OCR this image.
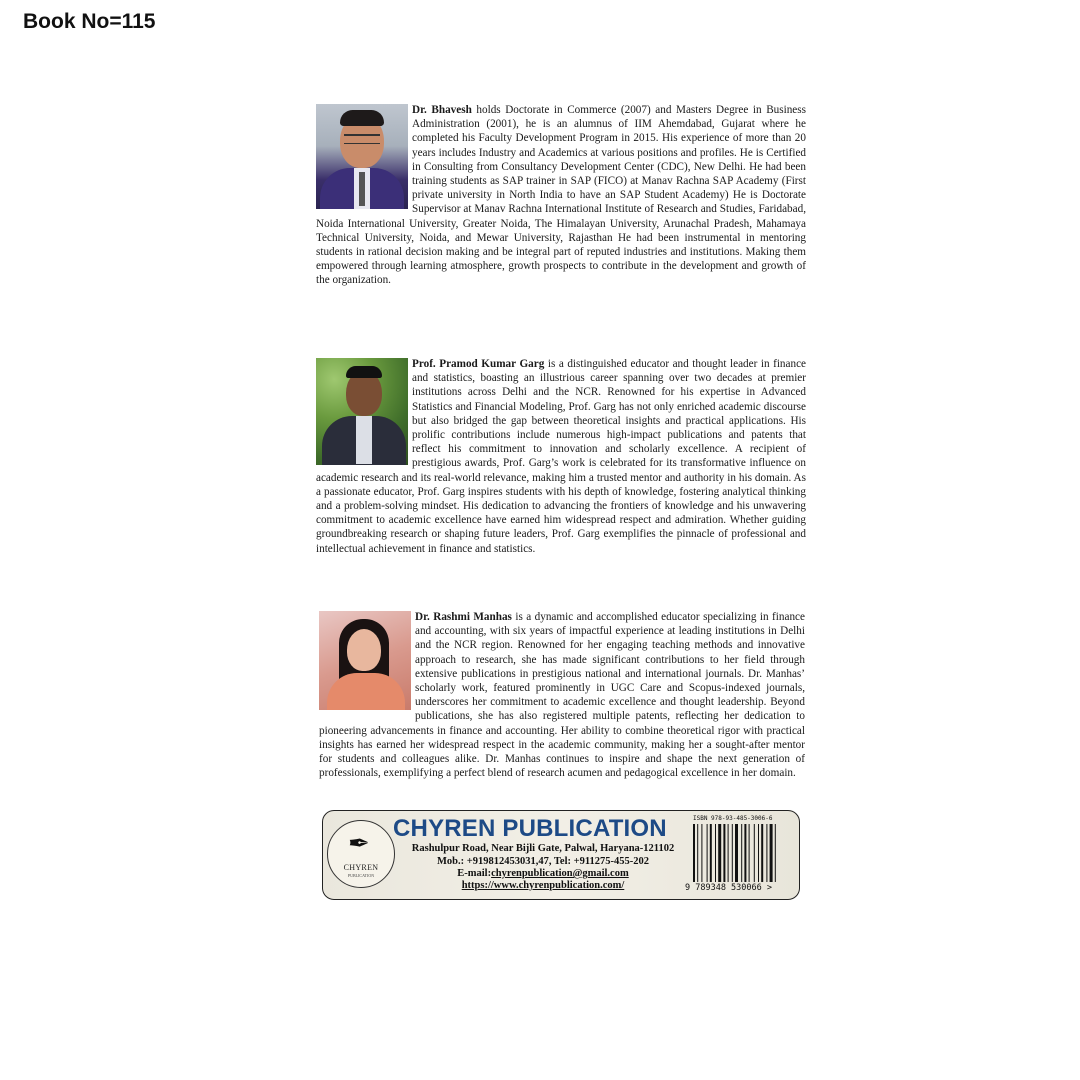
Book No=115
Dr. Bhavesh holds Doctorate in Commerce (2007) and Masters Degree in Business Administration (2001), he is an alumnus of IIM Ahemdabad, Gujarat where he completed his Faculty Development Program in 2015. His experience of more than 20 years includes Industry and Academics at various positions and profiles. He is Certified in Consulting from Consultancy Development Center (CDC), New Delhi. He had been training students as SAP trainer in SAP (FICO) at Manav Rachna SAP Academy (First private university in North India to have an SAP Student Academy) He is Doctorate Supervisor at Manav Rachna International Institute of Research and Studies, Faridabad, Noida International University, Greater Noida, The Himalayan University, Arunachal Pradesh, Mahamaya Technical University, Noida, and Mewar University, Rajasthan He had been instrumental in mentoring students in rational decision making and be integral part of reputed industries and institutions. Making them empowered through learning atmosphere, growth prospects to contribute in the development and growth of the organization.
Prof. Pramod Kumar Garg is a distinguished educator and thought leader in finance and statistics, boasting an illustrious career spanning over two decades at premier institutions across Delhi and the NCR. Renowned for his expertise in Advanced Statistics and Financial Modeling, Prof. Garg has not only enriched academic discourse but also bridged the gap between theoretical insights and practical applications. His prolific contributions include numerous high-impact publications and patents that reflect his commitment to innovation and scholarly excellence. A recipient of prestigious awards, Prof. Garg’s work is celebrated for its transformative influence on academic research and its real-world relevance, making him a trusted mentor and authority in his domain. As a passionate educator, Prof. Garg inspires students with his depth of knowledge, fostering analytical thinking and a problem-solving mindset. His dedication to advancing the frontiers of knowledge and his unwavering commitment to academic excellence have earned him widespread respect and admiration. Whether guiding groundbreaking research or shaping future leaders, Prof. Garg exemplifies the pinnacle of professional and intellectual achievement in finance and statistics.
Dr. Rashmi Manhas is a dynamic and accomplished educator specializing in finance and accounting, with six years of impactful experience at leading institutions in Delhi and the NCR region. Renowned for her engaging teaching methods and innovative approach to research, she has made significant contributions to her field through extensive publications in prestigious national and international journals. Dr. Manhas’ scholarly work, featured prominently in UGC Care and Scopus-indexed journals, underscores her commitment to academic excellence and thought leadership. Beyond publications, she has also registered multiple patents, reflecting her dedication to pioneering advancements in finance and accounting. Her ability to combine theoretical rigor with practical insights has earned her widespread respect in the academic community, making her a sought-after mentor for students and colleagues alike. Dr. Manhas continues to inspire and shape the next generation of professionals, exemplifying a perfect blend of research acumen and pedagogical excellence in her domain.
✒
CHYREN
PUBLICATION
CHYREN PUBLICATION
Rashulpur Road, Near Bijli Gate, Palwal, Haryana-121102
Mob.: +919812453031,47, Tel: +911275-455-202
E-mail:chyrenpublication@gmail.com
https://www.chyrenpublication.com/
ISBN 978-93-485-3006-6
9 789348 530066 >
